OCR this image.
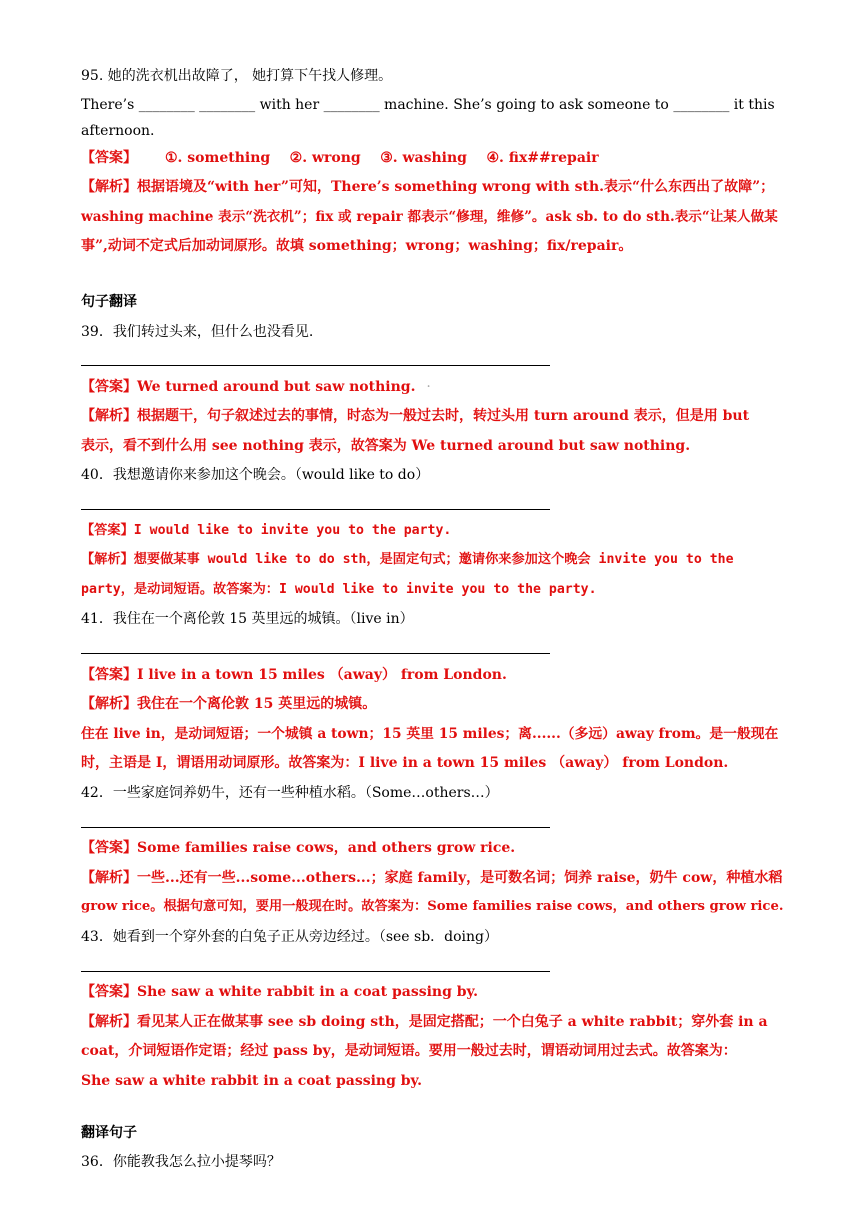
95. 她的洗衣机出故障了， 她打算下午找人修理。
There’s ________ ________ with her ________ machine. She’s going to ask someone to ________ it this
afternoon.
【答案】 ①. something    ②. wrong    ③. washing    ④. fix##repair
【解析】根据语境及“with her”可知，There’s something wrong with sth.表示“什么东西出了故障”；
washing machine 表示“洗衣机”；fix 或 repair 都表示“修理，维修”。ask sb. to do sth.表示“让某人做某
事”,动词不定式后加动词原形。故填 something；wrong；washing；fix/repair。
句子翻译
39．我们转过头来，但什么也没看见.
【答案】We turned around but saw nothing. ·
【解析】根据题干，句子叙述过去的事情，时态为一般过去时，转过头用 turn around 表示，但是用 but
表示，看不到什么用 see nothing 表示，故答案为 We turned around but saw nothing.
40．我想邀请你来参加这个晚会。（would like to do）
【答案】I would like to invite you to the party.
【解析】想要做某事 would like to do sth，是固定句式；邀请你来参加这个晚会 invite you to the
party，是动词短语。故答案为：I would like to invite you to the party.
41．我住在一个离伦敦 15 英里远的城镇。（live in）
【答案】I live in a town 15 miles （away） from London.
【解析】我住在一个离伦敦 15 英里远的城镇。
住在 live in，是动词短语；一个城镇 a town；15 英里 15 miles；离......（多远）away from。是一般现在
时，主语是 I，谓语用动词原形。故答案为：I live in a town 15 miles （away） from London.
42．一些家庭饲养奶牛，还有一些种植水稻。（Some…others…）
【答案】Some families raise cows，and others grow rice.
【解析】一些...还有一些...some...others...；家庭 family，是可数名词；饲养 raise，奶牛 cow，种植水稻
grow rice。根据句意可知，要用一般现在时。故答案为：Some families raise cows，and others grow rice.
43．她看到一个穿外套的白兔子正从旁边经过。（see sb．doing）
【答案】She saw a white rabbit in a coat passing by.
【解析】看见某人正在做某事 see sb doing sth，是固定搭配；一个白兔子 a white rabbit；穿外套 in a
coat，介词短语作定语；经过 pass by，是动词短语。要用一般过去时，谓语动词用过去式。故答案为：
She saw a white rabbit in a coat passing by.
翻译句子
36．你能教我怎么拉小提琴吗？
